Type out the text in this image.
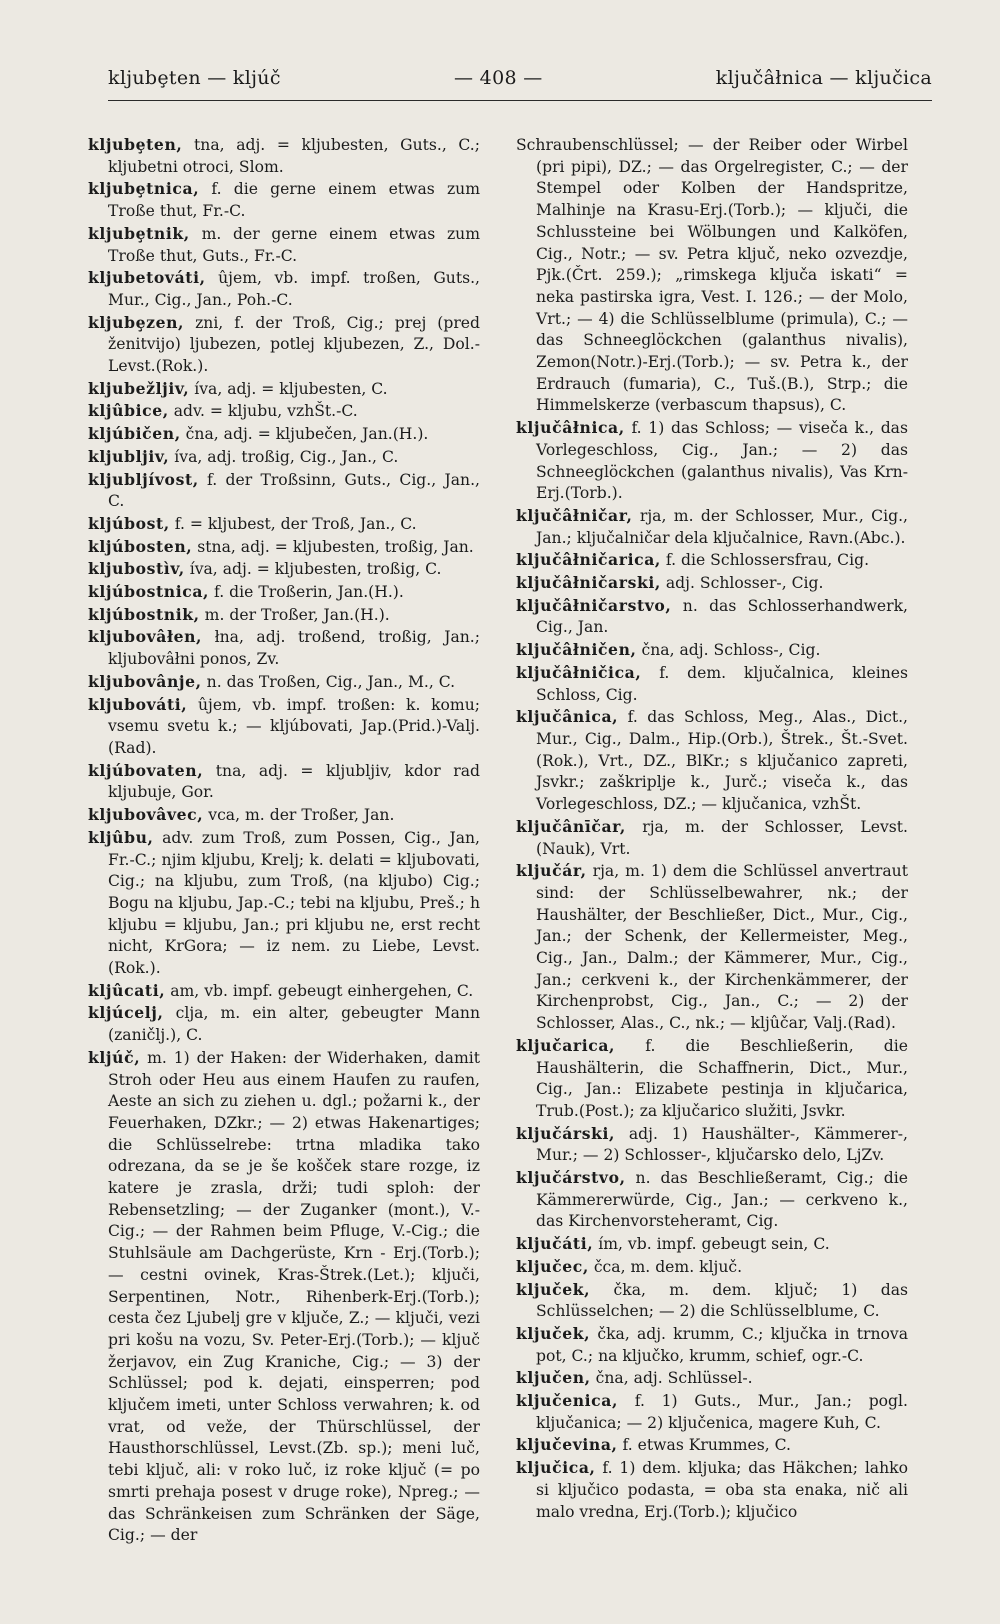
kljubȩten — kljúč	— 408 —	ključâłnica — ključica

kljubȩten, tna, adj. = kljubesten, Guts., C.; kljubetni otroci, Slom.

kljubȩtnica, f. die gerne einem etwas zum Troße thut, Fr.-C.

kljubȩtnik, m. der gerne einem etwas zum Troße thut, Guts., Fr.-C.

kljubetováti, ûjem, vb. impf. troßen, Guts., Mur., Cig., Jan., Poh.-C.

kljubȩzen, zni, f. der Troß, Cig.; prej (pred ženitvijo) ljubezen, potlej kljubezen, Z., Dol.-Levst.(Rok.).

kljubežljiv, íva, adj. = kljubesten, C.

kljûbice, adv. = kljubu, vzhŠt.-C.

kljúbičen, čna, adj. = kljubečen, Jan.(H.).

kljubljiv, íva, adj. troßig, Cig., Jan., C.

kljubljívost, f. der Troßsinn, Guts., Cig., Jan., C.

kljúbost, f. = kljubest, der Troß, Jan., C.

kljúbosten, stna, adj. = kljubesten, troßig, Jan.

kljubostìv, íva, adj. = kljubesten, troßig, C.

kljúbostnica, f. die Troßerin, Jan.(H.).

kljúbostnik, m. der Troßer, Jan.(H.).

kljubovâłen, łna, adj. troßend, troßig, Jan.; kljubovâłni ponos, Zv.

kljubovânje, n. das Troßen, Cig., Jan., M., C.

kljubováti, ûjem, vb. impf. troßen: k. komu; vsemu svetu k.; — kljúbovati, Jap.(Prid.)-Valj.(Rad).

kljúbovaten, tna, adj. = kljubljiv, kdor rad kljubuje, Gor.

kljubovâvec, vca, m. der Troßer, Jan.

kljûbu, adv. zum Troß, zum Possen, Cig., Jan, Fr.-C.; njim kljubu, Krelj; k. delati = kljubovati, Cig.; na kljubu, zum Troß, (na kljubo) Cig.; Bogu na kljubu, Jap.-C.; tebi na kljubu, Preš.; h kljubu = kljubu, Jan.; pri kljubu ne, erst recht nicht, KrGora; — iz nem. zu Liebe, Levst.(Rok.).

kljûcati, am, vb. impf. gebeugt einhergehen, C.

kljúcelj, clja, m. ein alter, gebeugter Mann (zaničlj.), C.

kljúč, m. 1) der Haken: der Widerhaken, damit Stroh oder Heu aus einem Haufen zu raufen, Aeste an sich zu ziehen u. dgl.; požarni k., der Feuerhaken, DZkr.; — 2) etwas Hakenartiges; die Schlüsselrebe: trtna mladika tako odrezana, da se je še košček stare rozge, iz katere je zrasla, drži; tudi sploh: der Rebensetzling; — der Zuganker (mont.), V.-Cig.; — der Rahmen beim Pfluge, V.-Cig.; die Stuhlsäule am Dachgerüste, Krn - Erj.(Torb.); — cestni ovinek, Kras-Štrek.(Let.); ključi, Serpentinen, Notr., Rihenberk-Erj.(Torb.); cesta čez Ljubelj gre v ključe, Z.; — ključi, vezi pri košu na vozu, Sv. Peter-Erj.(Torb.); — ključ žerjavov, ein Zug Kraniche, Cig.; — 3) der Schlüssel; pod k. dejati, einsperren; pod ključem imeti, unter Schloss verwahren; k. od vrat, od veže, der Thürschlüssel, der Hausthorschlüssel, Levst.(Zb. sp.); meni luč, tebi ključ, ali: v roko luč, iz roke ključ (= po smrti prehaja posest v druge roke), Npreg.; — das Schränkeisen zum Schränken der Säge, Cig.; — der

Schraubenschlüssel; — der Reiber oder Wirbel (pri pipi), DZ.; — das Orgelregister, C.; — der Stempel oder Kolben der Handspritze, Malhinje na Krasu-Erj.(Torb.); — ključi, die Schlussteine bei Wölbungen und Kalköfen, Cig., Notr.; — sv. Petra ključ, neko ozvezdje, Pjk.(Črt. 259.); „rimskega ključa iskati“ = neka pastirska igra, Vest. I. 126.; — der Molo, Vrt.; — 4) die Schlüsselblume (primula), C.; — das Schneeglöckchen (galanthus nivalis), Zemon(Notr.)-Erj.(Torb.); — sv. Petra k., der Erdrauch (fumaria), C., Tuš.(B.), Strp.; die Himmelskerze (verbascum thapsus), C.

ključâłnica, f. 1) das Schloss; — viseča k., das Vorlegeschloss, Cig., Jan.; — 2) das Schneeglöckchen (galanthus nivalis), Vas Krn-Erj.(Torb.).

ključâłničar, rja, m. der Schlosser, Mur., Cig., Jan.; ključalničar dela ključalnice, Ravn.(Abc.).

ključâłničarica, f. die Schlossersfrau, Cig.

ključâłničarski, adj. Schlosser-, Cig.

ključâłničarstvo, n. das Schlosserhandwerk, Cig., Jan.

ključâłničen, čna, adj. Schloss-, Cig.

ključâłničica, f. dem. ključalnica, kleines Schloss, Cig.

ključânica, f. das Schloss, Meg., Alas., Dict., Mur., Cig., Dalm., Hip.(Orb.), Štrek., Št.-Svet.(Rok.), Vrt., DZ., BlKr.; s ključanico zapreti, Jsvkr.; zaškriplje k., Jurč.; viseča k., das Vorlegeschloss, DZ.; — ključanica, vzhŠt.

ključânīčar, rja, m. der Schlosser, Levst.(Nauk), Vrt.

ključár, rja, m. 1) dem die Schlüssel anvertraut sind: der Schlüsselbewahrer, nk.; der Haushälter, der Beschließer, Dict., Mur., Cig., Jan.; der Schenk, der Kellermeister, Meg., Cig., Jan., Dalm.; der Kämmerer, Mur., Cig., Jan.; cerkveni k., der Kirchenkämmerer, der Kirchenprobst, Cig., Jan., C.; — 2) der Schlosser, Alas., C., nk.; — kljûčar, Valj.(Rad).

ključarica, f. die Beschließerin, die Haushälterin, die Schaffnerin, Dict., Mur., Cig., Jan.: Elizabete pestinja in ključarica, Trub.(Post.); za ključarico služiti, Jsvkr.

ključárski, adj. 1) Haushälter-, Kämmerer-, Mur.; — 2) Schlosser-, ključarsko delo, LjZv.

ključárstvo, n. das Beschließeramt, Cig.; die Kämmererwürde, Cig., Jan.; — cerkveno k., das Kirchenvorsteheramt, Cig.

ključáti, ím, vb. impf. gebeugt sein, C.

ključec, čca, m. dem. ključ.

ključek, čka, m. dem. ključ; 1) das Schlüsselchen; — 2) die Schlüsselblume, C.

ključek, čka, adj. krumm, C.; ključka in trnova pot, C.; na ključko, krumm, schief, ogr.-C.

ključen, čna, adj. Schlüssel-.

ključenica, f. 1) Guts., Mur., Jan.; pogl. ključanica; — 2) ključenica, magere Kuh, C.

ključevina, f. etwas Krummes, C.

ključica, f. 1) dem. kljuka; das Häkchen; lahko si ključico podasta, = oba sta enaka, nič ali malo vredna, Erj.(Torb.); ključico
